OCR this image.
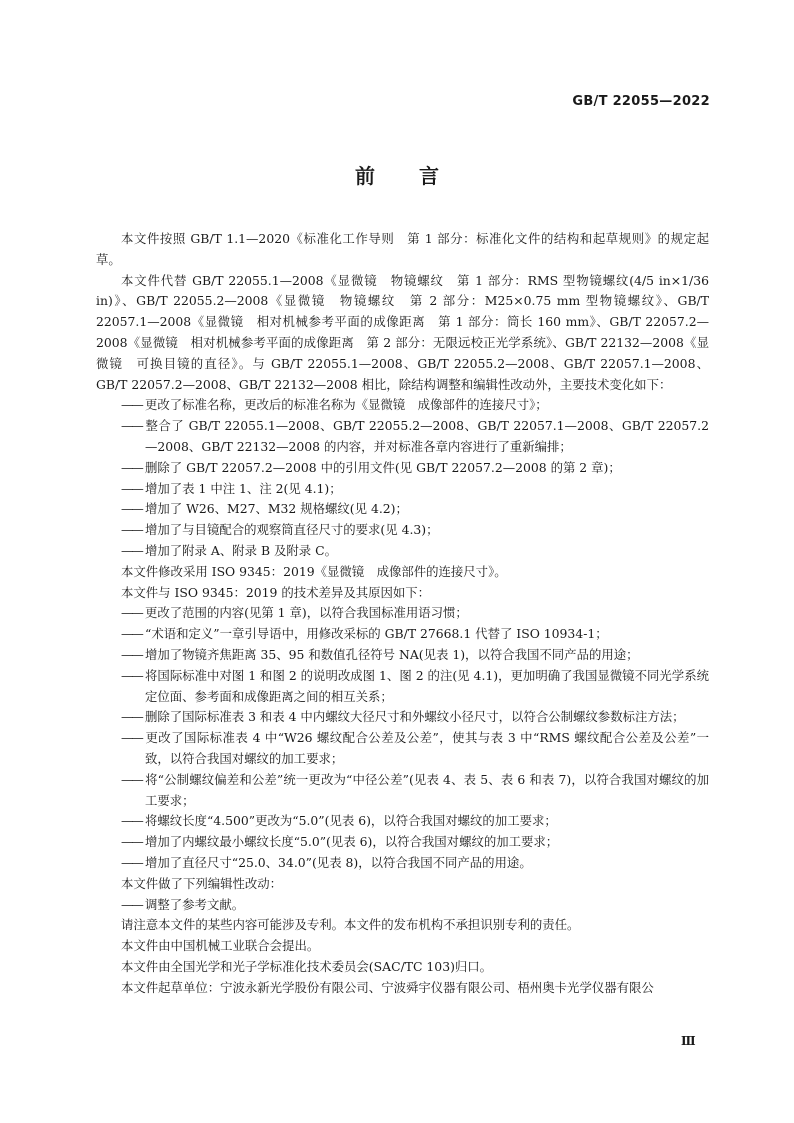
GB/T 22055—2022
前 言
本文件按照 GB/T 1.1—2020《标准化工作导则　第 1 部分：标准化文件的结构和起草规则》的规定起草。
本文件代替 GB/T 22055.1—2008《显微镜　物镜螺纹　第 1 部分：RMS 型物镜螺纹(4/5 in×1/36 in)》、GB/T 22055.2—2008《显微镜　物镜螺纹　第 2 部分：M25×0.75 mm 型物镜螺纹》、GB/T 22057.1—2008《显微镜　相对机械参考平面的成像距离　第 1 部分：筒长 160 mm》、GB/T 22057.2—2008《显微镜　相对机械参考平面的成像距离　第 2 部分：无限远校正光学系统》、GB/T 22132—2008《显微镜　可换目镜的直径》。与 GB/T 22055.1—2008、GB/T 22055.2—2008、GB/T 22057.1—2008、GB/T 22057.2—2008、GB/T 22132—2008 相比，除结构调整和编辑性改动外，主要技术变化如下：
—— 更改了标准名称，更改后的标准名称为《显微镜　成像部件的连接尺寸》；
—— 整合了 GB/T 22055.1—2008、GB/T 22055.2—2008、GB/T 22057.1—2008、GB/T 22057.2—2008、GB/T 22132—2008 的内容，并对标准各章内容进行了重新编排；
—— 删除了 GB/T 22057.2—2008 中的引用文件(见 GB/T 22057.2—2008 的第 2 章)；
—— 增加了表 1 中注 1、注 2(见 4.1)；
—— 增加了 W26、M27、M32 规格螺纹(见 4.2)；
—— 增加了与目镜配合的观察筒直径尺寸的要求(见 4.3)；
—— 增加了附录 A、附录 B 及附录 C。
本文件修改采用 ISO 9345：2019《显微镜　成像部件的连接尺寸》。
本文件与 ISO 9345：2019 的技术差异及其原因如下：
—— 更改了范围的内容(见第 1 章)，以符合我国标准用语习惯；
—— “术语和定义”一章引导语中，用修改采标的 GB/T 27668.1 代替了 ISO 10934-1；
—— 增加了物镜齐焦距离 35、95 和数值孔径符号 NA(见表 1)，以符合我国不同产品的用途；
—— 将国际标准中对图 1 和图 2 的说明改成图 1、图 2 的注(见 4.1)，更加明确了我国显微镜不同光学系统定位面、参考面和成像距离之间的相互关系；
—— 删除了国际标准表 3 和表 4 中内螺纹大径尺寸和外螺纹小径尺寸，以符合公制螺纹参数标注方法；
—— 更改了国际标准表 4 中“W26 螺纹配合公差及公差”，使其与表 3 中“RMS 螺纹配合公差及公差”一致，以符合我国对螺纹的加工要求；
—— 将“公制螺纹偏差和公差”统一更改为“中径公差”(见表 4、表 5、表 6 和表 7)，以符合我国对螺纹的加工要求；
—— 将螺纹长度“4.500”更改为“5.0”(见表 6)，以符合我国对螺纹的加工要求；
—— 增加了内螺纹最小螺纹长度“5.0”(见表 6)，以符合我国对螺纹的加工要求；
—— 增加了直径尺寸“25.0、34.0”(见表 8)，以符合我国不同产品的用途。
本文件做了下列编辑性改动：
—— 调整了参考文献。
请注意本文件的某些内容可能涉及专利。本文件的发布机构不承担识别专利的责任。
本文件由中国机械工业联合会提出。
本文件由全国光学和光子学标准化技术委员会(SAC/TC 103)归口。
本文件起草单位：宁波永新光学股份有限公司、宁波舜宇仪器有限公司、梧州奥卡光学仪器有限公
Ⅲ
